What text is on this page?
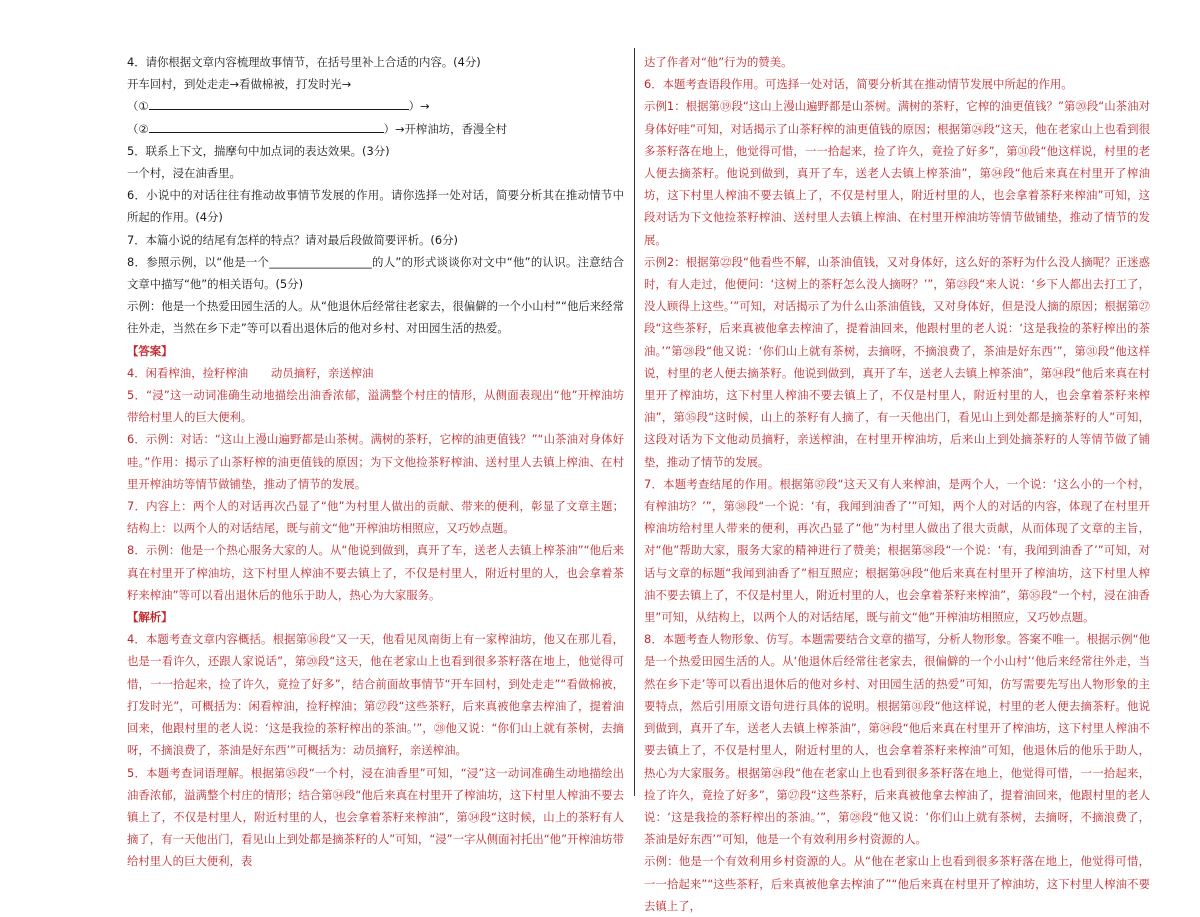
4．请你根据文章内容梳理故事情节，在括号里补上合适的内容。(4分)

开车回村，到处走走→看做棉被，打发时光→

（①	）→

（②	）→开榨油坊，香漫全村

5．联系上下文，揣摩句中加点词的表达效果。(3分)

一个村，浸在油香里。

6．小说中的对话往往有推动故事情节发展的作用。请你选择一处对话，简要分析其在推动情节中所起的作用。(4分)

7．本篇小说的结尾有怎样的特点？请对最后段做简要评析。(6分)

8．参照示例，以“他是一个__________________的人”的形式谈谈你对文中“他”的认识。注意结合文章中描写“他”的相关语句。(5分)

示例：他是一个热爱田园生活的人。从“他退休后经常往老家去，很偏僻的一个小山村”“他后来经常往外走，当然在乡下走”等可以看出退休后的他对乡村、对田园生活的热爱。

【答案】

4．闲看榨油，捡籽榨油　　动员摘籽，亲送榨油

5．“浸”这一动词准确生动地描绘出油香浓郁，溢满整个村庄的情形，从侧面表现出“他”开榨油坊带给村里人的巨大便利。

6．示例：对话：“这山上漫山遍野都是山茶树。满树的茶籽，它榨的油更值钱？”“山茶油对身体好哇。”作用：揭示了山茶籽榨的油更值钱的原因；为下文他捡茶籽榨油、送村里人去镇上榨油、在村里开榨油坊等情节做铺垫，推动了情节的发展。

7．内容上：两个人的对话再次凸显了“他”为村里人做出的贡献、带来的便利，彰显了文章主题；结构上：以两个人的对话结尾，既与前文“他”开榨油坊相照应，又巧妙点题。

8．示例：他是一个热心服务大家的人。从“他说到做到，真开了车，送老人去镇上榨茶油”“他后来真在村里开了榨油坊，这下村里人榨油不要去镇上了，不仅是村里人，附近村里的人，也会拿着茶籽来榨油”等可以看出退休后的他乐于助人，热心为大家服务。

【解析】

4．本题考查文章内容概括。根据第⑯段“又一天，他看见凤南街上有一家榨油坊，他又在那儿看，也是一看许久，还跟人家说话”，第⑳段“这天，他在老家山上也看到很多茶籽落在地上，他觉得可惜，一一拾起来，捡了许久，竟捡了好多”，结合前面故事情节“开车回村，到处走走”“看做棉被，打发时光”，可概括为：闲看榨油，捡籽榨油；第㉗段“这些茶籽，后来真被他拿去榨油了，提着油回来，他跟村里的老人说：‘这是我捡的茶籽榨出的茶油。’”，㉘他又说：“你们山上就有茶树，去摘呀，不摘浪费了，茶油是好东西’”可概括为：动员摘籽，亲送榨油。

5．本题考查词语理解。根据第㉟段“一个村，浸在油香里”可知，“浸”这一动词准确生动地描绘出油香浓郁，溢满整个村庄的情形；结合第㉞段“他后来真在村里开了榨油坊，这下村里人榨油不要去镇上了，不仅是村里人，附近村里的人，也会拿着茶籽来榨油”，第㉞段“这时候，山上的茶籽有人摘了，有一天他出门，看见山上到处都是摘茶籽的人”可知，“浸”一字从侧面衬托出“他”开榨油坊带给村里人的巨大便利，表

达了作者对“他”行为的赞美。

6．本题考查语段作用。可选择一处对话，简要分析其在推动情节发展中所起的作用。

示例1：根据第⑲段“这山上漫山遍野都是山茶树。满树的茶籽，它榨的油更值钱？”第⑳段“山茶油对身体好哇”可知，对话揭示了山茶籽榨的油更值钱的原因；根据第㉔段“这天，他在老家山上也看到很多茶籽落在地上，他觉得可惜，一一拾起来，捡了许久，竟捡了好多”，第㉛段“他这样说，村里的老人便去摘茶籽。他说到做到，真开了车，送老人去镇上榨茶油”，第㉞段“他后来真在村里开了榨油坊，这下村里人榨油不要去镇上了，不仅是村里人，附近村里的人，也会拿着茶籽来榨油”可知，这段对话为下文他捡茶籽榨油、送村里人去镇上榨油、在村里开榨油坊等情节做铺垫，推动了情节的发展。

示例2：根据第㉒段“他看些不解，山茶油值钱，又对身体好，这么好的茶籽为什么没人摘呢？正迷惑时，有人走过，他便问：‘这树上的茶籽怎么没人摘呀？’”，第㉓段“来人说：‘乡下人都出去打工了，没人顾得上这些。’”可知，对话揭示了为什么山茶油值钱，又对身体好，但是没人摘的原因；根据第㉗段“这些茶籽，后来真被他拿去榨油了，提着油回来，他跟村里的老人说：‘这是我捡的茶籽榨出的茶油。’”第㉘段“他又说：‘你们山上就有茶树，去摘呀，不摘浪费了，茶油是好东西’”，第㉛段“他这样说，村里的老人便去摘茶籽。他说到做到，真开了车，送老人去镇上榨茶油”，第㉞段“他后来真在村里开了榨油坊，这下村里人榨油不要去镇上了，不仅是村里人，附近村里的人，也会拿着茶籽来榨油”，第㉟段“这时候，山上的茶籽有人摘了，有一天他出门，看见山上到处都是摘茶籽的人”可知，这段对话为下文他动员摘籽，亲送榨油，在村里开榨油坊，后来山上到处摘茶籽的人等情节做了铺垫，推动了情节的发展。

7．本题考查结尾的作用。根据第㊲段“这天又有人来榨油，是两个人，一个说：‘这么小的一个村，有榨油坊？’”，第㊳段“一个说：‘有，我闻到油香了’”可知，两个人的对话的内容，体现了在村里开榨油坊给村里人带来的便利，再次凸显了“他”为村里人做出了很大贡献，从而体现了文章的主旨，对“他”帮助大家，服务大家的精神进行了赞美；根据第㊳段“一个说：‘有，我闻到油香了’”可知，对话与文章的标题“我闻到油香了”相互照应；根据第㉞段“他后来真在村里开了榨油坊，这下村里人榨油不要去镇上了，不仅是村里人，附近村里的人，也会拿着茶籽来榨油”，第㉟段“一个村，浸在油香里”可知，从结构上，以两个人的对话结尾，既与前文“他”开榨油坊相照应，又巧妙点题。

8．本题考查人物形象、仿写。本题需要结合文章的描写，分析人物形象。答案不唯一。根据示例“他是一个热爱田园生活的人。从‘他退休后经常往老家去，很偏僻的一个小山村’‘他后来经常往外走，当然在乡下走’等可以看出退休后的他对乡村、对田园生活的热爱”可知，仿写需要先写出人物形象的主要特点，然后引用原文语句进行具体的说明。根据第㉛段“他这样说，村里的老人便去摘茶籽。他说到做到，真开了车，送老人去镇上榨茶油”，第㉞段“他后来真在村里开了榨油坊，这下村里人榨油不要去镇上了，不仅是村里人，附近村里的人，也会拿着茶籽来榨油”可知，他退休后的他乐于助人，热心为大家服务。根据第㉔段“他在老家山上也看到很多茶籽落在地上，他觉得可惜，一一拾起来，捡了许久，竟捡了好多”，第㉗段“这些茶籽，后来真被他拿去榨油了，提着油回来，他跟村里的老人说：‘这是我捡的茶籽榨出的茶油。’”，第㉘段“他又说：‘你们山上就有茶树，去摘呀，不摘浪费了，茶油是好东西’”可知，他是一个有效利用乡村资源的人。

示例：他是一个有效利用乡村资源的人。从“他在老家山上也看到很多茶籽落在地上，他觉得可惜，一一拾起来”“这些茶籽，后来真被他拿去榨油了”“他后来真在村里开了榨油坊，这下村里人榨油不要去镇上了，
